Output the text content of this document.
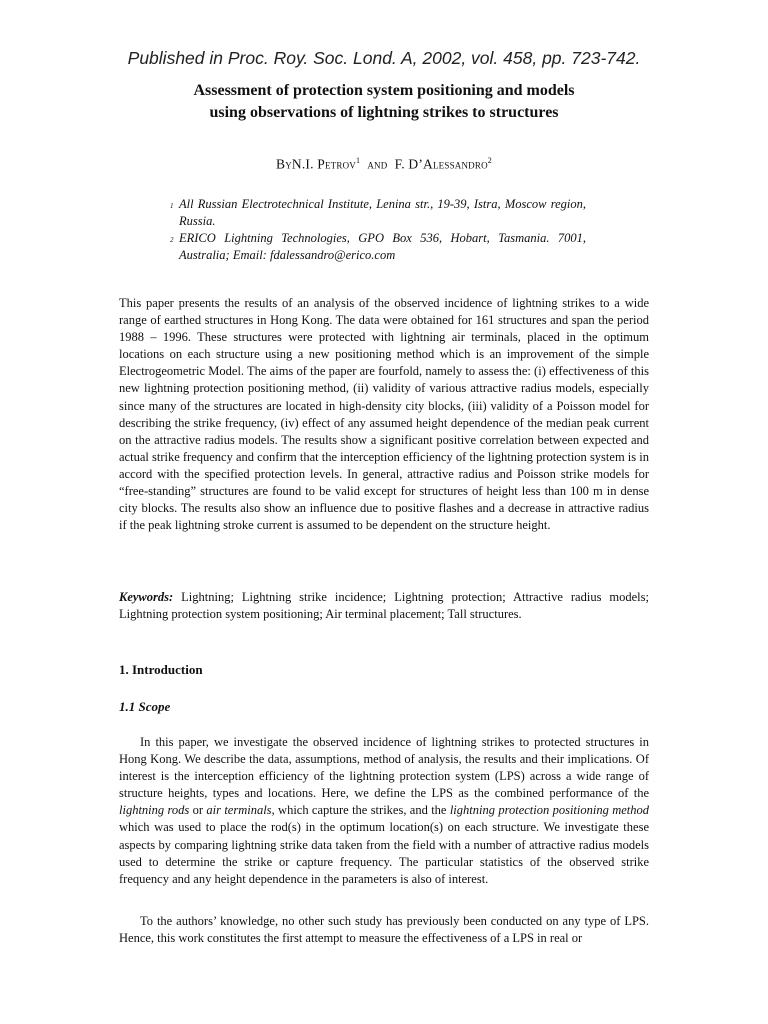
Published in Proc. Roy. Soc. Lond. A, 2002, vol. 458, pp. 723-742.
Assessment of protection system positioning and models
using observations of lightning strikes to structures
ByN.I. Petrov$^1$ and F. D’Alessandro$^2$
1 All Russian Electrotechnical Institute, Lenina str., 19-39, Istra, Moscow region, Russia.
2 ERICO Lightning Technologies, GPO Box 536, Hobart, Tasmania. 7001, Australia; Email: fdalessandro@erico.com
This paper presents the results of an analysis of the observed incidence of lightning strikes to a wide range of earthed structures in Hong Kong. The data were obtained for 161 structures and span the period 1988 – 1996. These structures were protected with lightning air terminals, placed in the optimum locations on each structure using a new positioning method which is an improvement of the simple Electrogeometric Model. The aims of the paper are fourfold, namely to assess the: (i) effectiveness of this new lightning protection positioning method, (ii) validity of various attractive radius models, especially since many of the structures are located in high-density city blocks, (iii) validity of a Poisson model for describing the strike frequency, (iv) effect of any assumed height dependence of the median peak current on the attractive radius models. The results show a significant positive correlation between expected and actual strike frequency and confirm that the interception efficiency of the lightning protection system is in accord with the specified protection levels. In general, attractive radius and Poisson strike models for “free-standing” structures are found to be valid except for structures of height less than 100 m in dense city blocks. The results also show an influence due to positive flashes and a decrease in attractive radius if the peak lightning stroke current is assumed to be dependent on the structure height.
Keywords: Lightning; Lightning strike incidence; Lightning protection; Attractive radius models; Lightning protection system positioning; Air terminal placement; Tall structures.
1. Introduction
1.1 Scope
In this paper, we investigate the observed incidence of lightning strikes to protected structures in Hong Kong. We describe the data, assumptions, method of analysis, the results and their implications. Of interest is the interception efficiency of the lightning protection system (LPS) across a wide range of structure heights, types and locations. Here, we define the LPS as the combined performance of the lightning rods or air terminals, which capture the strikes, and the lightning protection positioning method which was used to place the rod(s) in the optimum location(s) on each structure. We investigate these aspects by comparing lightning strike data taken from the field with a number of attractive radius models used to determine the strike or capture frequency. The particular statistics of the observed strike frequency and any height dependence in the parameters is also of interest.
To the authors’ knowledge, no other such study has previously been conducted on any type of LPS. Hence, this work constitutes the first attempt to measure the effectiveness of a LPS in real or
